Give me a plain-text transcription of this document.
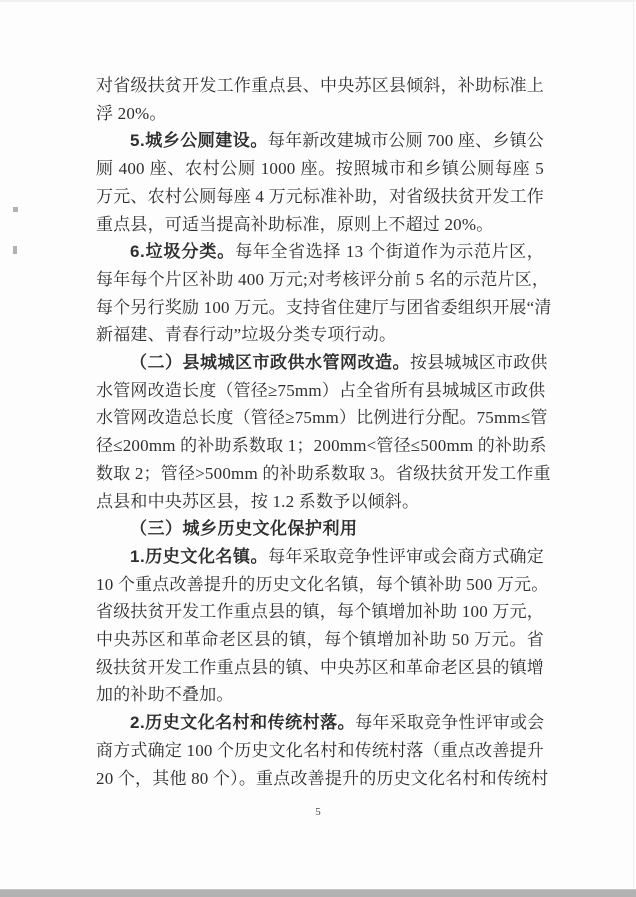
对省级扶贫开发工作重点县、中央苏区县倾斜，补助标准上
浮 20%。
5.城乡公厕建设。每年新改建城市公厕 700 座、乡镇公
厕 400 座、农村公厕 1000 座。按照城市和乡镇公厕每座 5
万元、农村公厕每座 4 万元标准补助，对省级扶贫开发工作
重点县，可适当提高补助标准，原则上不超过 20%。
6.垃圾分类。每年全省选择 13 个街道作为示范片区，
每年每个片区补助 400 万元;对考核评分前 5 名的示范片区，
每个另行奖励 100 万元。支持省住建厅与团省委组织开展“清
新福建、青春行动”垃圾分类专项行动。
（二）县城城区市政供水管网改造。按县城城区市政供
水管网改造长度（管径≥75mm）占全省所有县城城区市政供
水管网改造总长度（管径≥75mm）比例进行分配。75mm≤管
径≤200mm 的补助系数取 1；200mm<管径≤500mm 的补助系
数取 2；管径>500mm 的补助系数取 3。省级扶贫开发工作重
点县和中央苏区县，按 1.2 系数予以倾斜。
（三）城乡历史文化保护利用
1.历史文化名镇。每年采取竞争性评审或会商方式确定
10 个重点改善提升的历史文化名镇，每个镇补助 500 万元。
省级扶贫开发工作重点县的镇，每个镇增加补助 100 万元，
中央苏区和革命老区县的镇，每个镇增加补助 50 万元。省
级扶贫开发工作重点县的镇、中央苏区和革命老区县的镇增
加的补助不叠加。
2.历史文化名村和传统村落。每年采取竞争性评审或会
商方式确定 100 个历史文化名村和传统村落（重点改善提升
20 个，其他 80 个）。重点改善提升的历史文化名村和传统村
5
